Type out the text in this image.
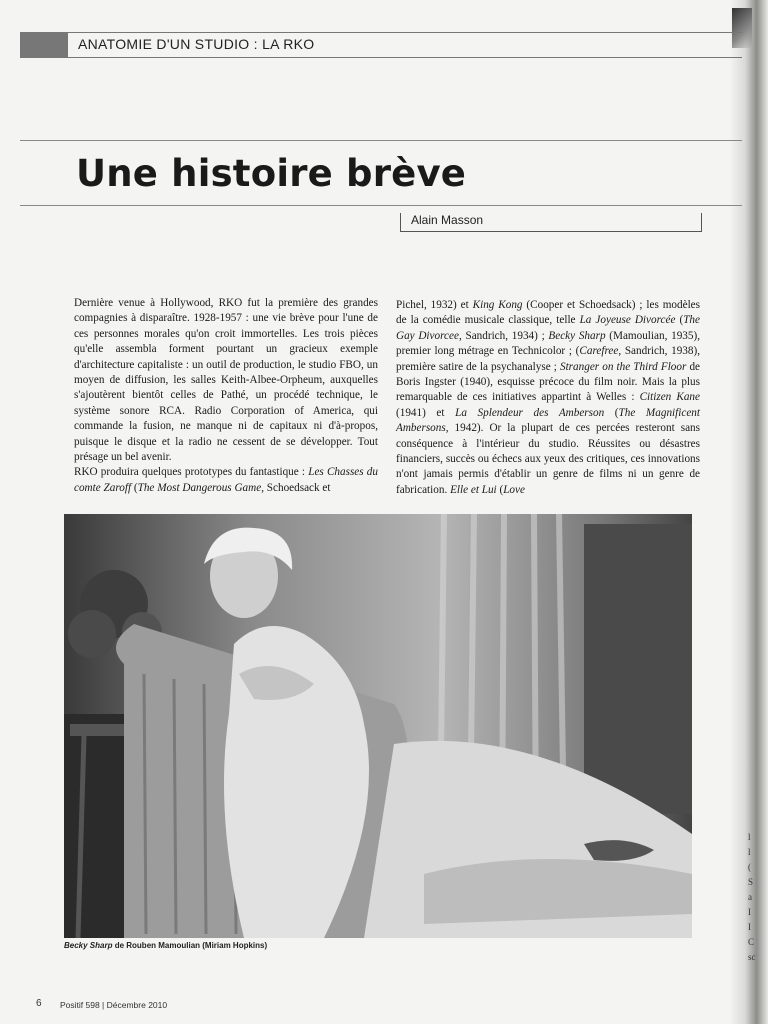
ANATOMIE D'UN STUDIO : LA RKO
Une histoire brève
Alain Masson

Dernière venue à Hollywood, RKO fut la première des grandes compagnies à disparaître. 1928-1957 : une vie brève pour l'une de ces personnes morales qu'on croit immortelles. Les trois pièces qu'elle assembla forment pourtant un gracieux exemple d'architecture capitaliste : un outil de production, le studio FBO, un moyen de diffusion, les salles Keith-Albee-Orpheum, auxquelles s'ajoutèrent bientôt celles de Pathé, un procédé technique, le système sonore RCA. Radio Corporation of America, qui commande la fusion, ne manque ni de capitaux ni d'à-propos, puisque le disque et la radio ne cessent de se développer. Tout présage un bel avenir.

RKO produira quelques prototypes du fantastique : Les Chasses du comte Zaroff (The Most Dangerous Game, Schoedsack et

Pichel, 1932) et King Kong (Cooper et Schoedsack) ; les modèles de la comédie musicale classique, telle La Joyeuse Divorcée (The Gay Divorcee, Sandrich, 1934) ; Becky Sharp (Mamoulian, 1935), premier long métrage en Technicolor ; (Carefree, Sandrich, 1938), première satire de la psychanalyse ; Stranger on the Third Floor de Boris Ingster (1940), esquisse précoce du film noir. Mais la plus remarquable de ces initiatives appartint à Welles : Citizen Kane (1941) et La Splendeur des Amberson (The Magnificent Ambersons, 1942). Or la plupart de ces percées resteront sans conséquence à l'intérieur du studio. Réussites ou désastres financiers, succès ou échecs aux yeux des critiques, ces innovations n'ont jamais permis d'établir un genre de films ni un genre de fabrication. Elle et Lui (Love

Becky Sharp de Rouben Mamoulian (Miriam Hopkins)
6 Positif 598 | Décembre 2010
l
l
(
S
a
I
I
C
sc
